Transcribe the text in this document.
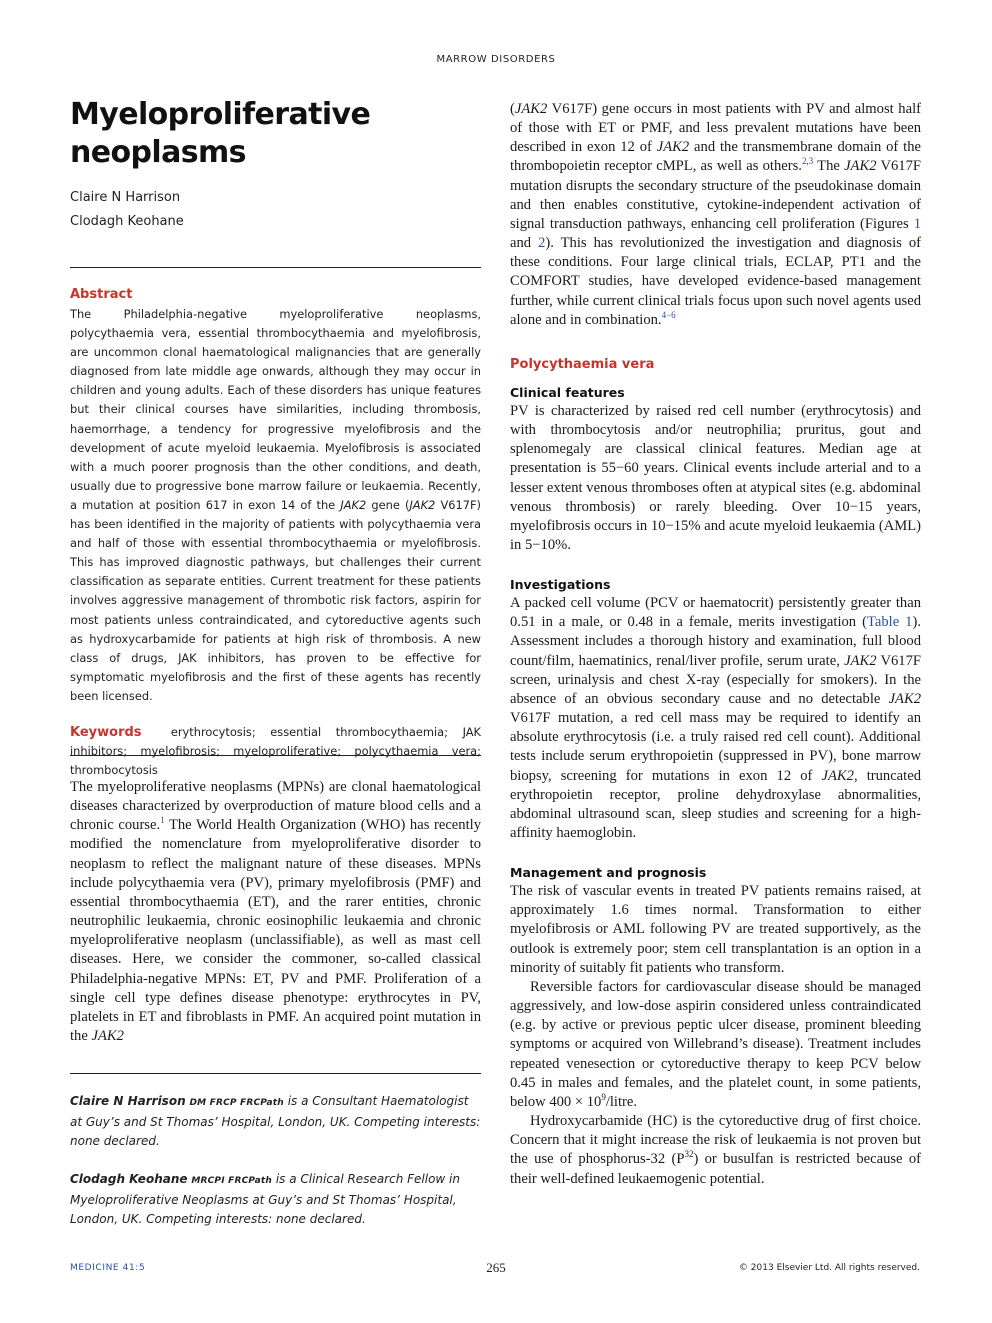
MARROW DISORDERS
Myeloproliferative
neoplasms
Claire N Harrison
Clodagh Keohane
Abstract
The Philadelphia-negative myeloproliferative neoplasms, polycythaemia vera, essential thrombocythaemia and myelofibrosis, are uncommon clonal haematological malignancies that are generally diagnosed from late middle age onwards, although they may occur in children and young adults. Each of these disorders has unique features but their clinical courses have similarities, including thrombosis, haemorrhage, a tendency for progressive myelofibrosis and the development of acute myeloid leukaemia. Myelofibrosis is associated with a much poorer prognosis than the other conditions, and death, usually due to progressive bone marrow failure or leukaemia. Recently, a mutation at position 617 in exon 14 of the JAK2 gene (JAK2 V617F) has been identified in the majority of patients with polycythaemia vera and half of those with essential thrombocythaemia or myelofibrosis. This has improved diagnostic pathways, but challenges their current classification as separate entities. Current treatment for these patients involves aggressive management of thrombotic risk factors, aspirin for most patients unless contraindicated, and cytoreductive agents such as hydroxycarbamide for patients at high risk of thrombosis. A new class of drugs, JAK inhibitors, has proven to be effective for symptomatic myelofibrosis and the first of these agents has recently been licensed.
Keywords	erythrocytosis; essential thrombocythaemia; JAK inhibitors; myelofibrosis; myeloproliferative; polycythaemia vera; thrombocytosis

The myeloproliferative neoplasms (MPNs) are clonal haematological diseases characterized by overproduction of mature blood cells and a chronic course.$^1$ The World Health Organization (WHO) has recently modified the nomenclature from myeloproliferative disorder to neoplasm to reflect the malignant nature of these diseases. MPNs include polycythaemia vera (PV), primary myelofibrosis (PMF) and essential thrombocythaemia (ET), and the rarer entities, chronic neutrophilic leukaemia, chronic eosinophilic leukaemia and chronic myeloproliferative neoplasm (unclassifiable), as well as mast cell diseases. Here, we consider the commoner, so-called classical Philadelphia-negative MPNs: ET, PV and PMF. Proliferation of a single cell type defines disease phenotype: erythrocytes in PV, platelets in ET and fibroblasts in PMF. An acquired point mutation in the JAK2

Claire N Harrison DM FRCP FRCPath is a Consultant Haematologist at Guy’s and St Thomas’ Hospital, London, UK. Competing interests: none declared.
Clodagh Keohane MRCPI FRCPath is a Clinical Research Fellow in Myeloproliferative Neoplasms at Guy’s and St Thomas’ Hospital, London, UK. Competing interests: none declared.

(JAK2 V617F) gene occurs in most patients with PV and almost half of those with ET or PMF, and less prevalent mutations have been described in exon 12 of JAK2 and the transmembrane domain of the thrombopoietin receptor cMPL, as well as others.$^{2,3}$ The JAK2 V617F mutation disrupts the secondary structure of the pseudokinase domain and then enables constitutive, cytokine-independent activation of signal transduction pathways, enhancing cell proliferation (Figures 1 and 2). This has revolutionized the investigation and diagnosis of these conditions. Four large clinical trials, ECLAP, PT1 and the COMFORT studies, have developed evidence-based management further, while current clinical trials focus upon such novel agents used alone and in combination.$^{4-6}$

Polycythaemia vera
Clinical features

PV is characterized by raised red cell number (erythrocytosis) and with thrombocytosis and/or neutrophilia; pruritus, gout and splenomegaly are classical clinical features. Median age at presentation is 55−60 years. Clinical events include arterial and to a lesser extent venous thromboses often at atypical sites (e.g. abdominal venous thrombosis) or rarely bleeding. Over 10−15 years, myelofibrosis occurs in 10−15% and acute myeloid leukaemia (AML) in 5−10%.

Investigations

A packed cell volume (PCV or haematocrit) persistently greater than 0.51 in a male, or 0.48 in a female, merits investigation (Table 1). Assessment includes a thorough history and examination, full blood count/film, haematinics, renal/liver profile, serum urate, JAK2 V617F screen, urinalysis and chest X-ray (especially for smokers). In the absence of an obvious secondary cause and no detectable JAK2 V617F mutation, a red cell mass may be required to identify an absolute erythrocytosis (i.e. a truly raised red cell count). Additional tests include serum erythropoietin (suppressed in PV), bone marrow biopsy, screening for mutations in exon 12 of JAK2, truncated erythropoietin receptor, proline dehydroxylase abnormalities, abdominal ultrasound scan, sleep studies and screening for a high-affinity haemoglobin.

Management and prognosis

The risk of vascular events in treated PV patients remains raised, at approximately 1.6 times normal. Transformation to either myelofibrosis or AML following PV are treated supportively, as the outlook is extremely poor; stem cell transplantation is an option in a minority of suitably fit patients who transform.

Reversible factors for cardiovascular disease should be managed aggressively, and low-dose aspirin considered unless contraindicated (e.g. by active or previous peptic ulcer disease, prominent bleeding symptoms or acquired von Willebrand’s disease). Treatment includes repeated venesection or cytoreductive therapy to keep PCV below 0.45 in males and females, and the platelet count, in some patients, below $400 \times 10^9$/litre.

Hydroxycarbamide (HC) is the cytoreductive drug of first choice. Concern that it might increase the risk of leukaemia is not proven but the use of phosphorus-32 $(P^{32})$ or busulfan is restricted because of their well-defined leukaemogenic potential.

MEDICINE 41:5	265	© 2013 Elsevier Ltd. All rights reserved.
